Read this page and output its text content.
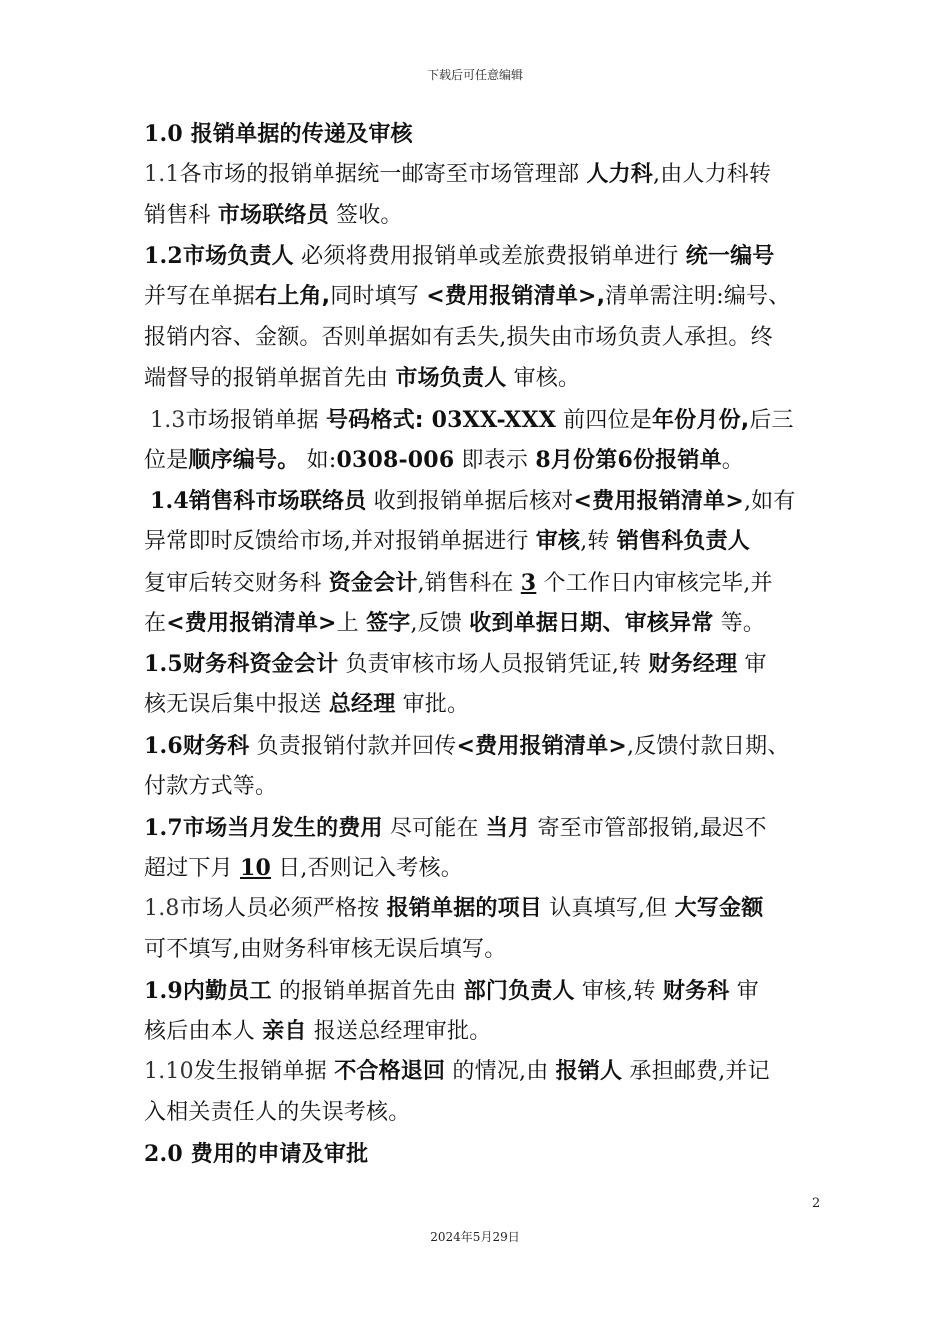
下载后可任意编辑
1.0 报销单据的传递及审核
1.1各市场的报销单据统一邮寄至市场管理部 人力科,由人力科转
销售科 市场联络员 签收。
1.2市场负责人 必须将费用报销单或差旅费报销单进行 统一编号
并写在单据右上角,同时填写 <费用报销清单>,清单需注明:编号、
报销内容、金额。否则单据如有丢失,损失由市场负责人承担。终
端督导的报销单据首先由 市场负责人 审核。
1.3市场报销单据 号码格式: 03XX-XXX 前四位是年份月份,后三
位是顺序编号。 如:0308-006 即表示 8月份第6份报销单。
1.4销售科市场联络员 收到报销单据后核对<费用报销清单>,如有
异常即时反馈给市场,并对报销单据进行 审核,转 销售科负责人
复审后转交财务科 资金会计,销售科在 3 个工作日内审核完毕,并
在<费用报销清单>上 签字,反馈 收到单据日期、审核异常 等。
1.5财务科资金会计 负责审核市场人员报销凭证,转 财务经理 审
核无误后集中报送 总经理 审批。
1.6财务科 负责报销付款并回传<费用报销清单>,反馈付款日期、
付款方式等。
1.7市场当月发生的费用 尽可能在 当月 寄至市管部报销,最迟不
超过下月 10 日,否则记入考核。
1.8市场人员必须严格按 报销单据的项目 认真填写,但 大写金额
可不填写,由财务科审核无误后填写。
1.9内勤员工 的报销单据首先由 部门负责人 审核,转 财务科 审
核后由本人 亲自 报送总经理审批。
1.10发生报销单据 不合格退回 的情况,由 报销人 承担邮费,并记
入相关责任人的失误考核。
2.0 费用的申请及审批
2
2024年5月29日
